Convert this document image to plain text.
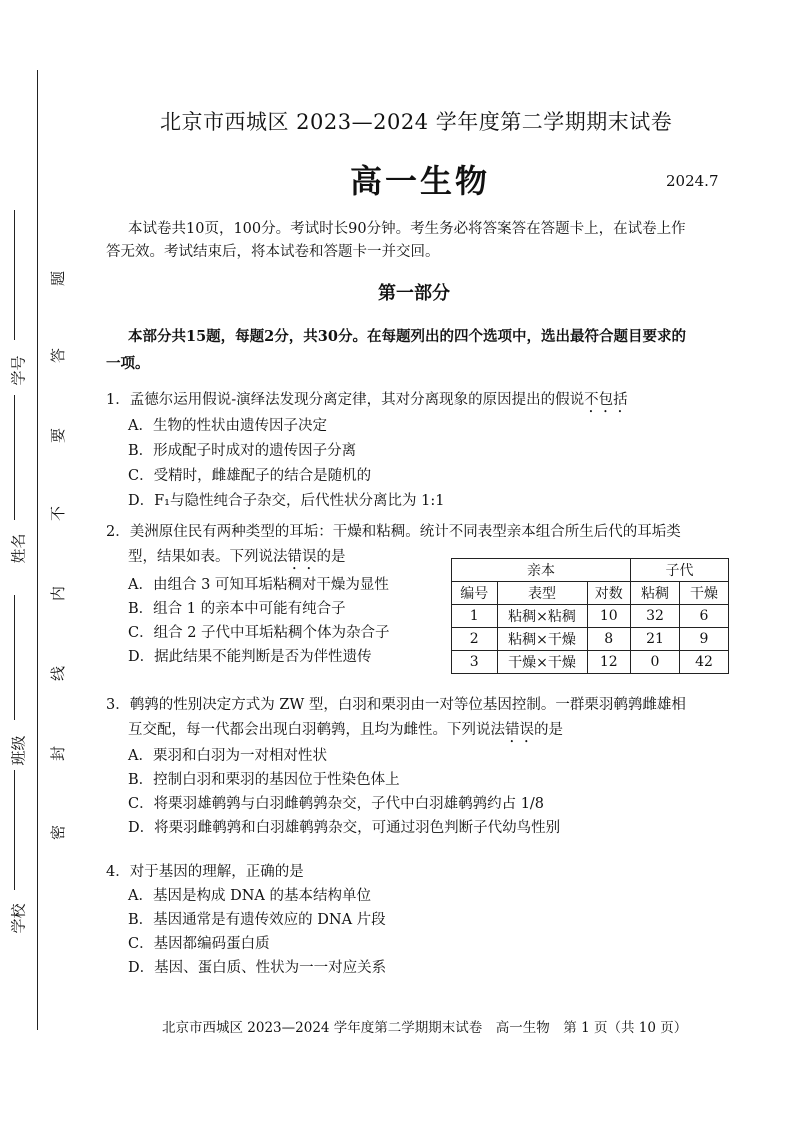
题
答
要
不
内
线
封
密
学号
姓名
班级
学校
北京市西城区 2023—2024 学年度第二学期期末试卷
高一生物	2024.7
本试卷共10页，100分。考试时长90分钟。考生务必将答案答在答题卡上，在试卷上作
答无效。考试结束后，将本试卷和答题卡一并交回。
第一部分
本部分共15题，每题2分，共30分。在每题列出的四个选项中，选出最符合题目要求的
一项。
1．孟德尔运用假说-演绎法发现分离定律，其对分离现象的原因提出的假说不包括
A．生物的性状由遗传因子决定
B．形成配子时成对的遗传因子分离
C．受精时，雌雄配子的结合是随机的
D．F₁与隐性纯合子杂交，后代性状分离比为 1:1
2．美洲原住民有两种类型的耳垢：干燥和粘稠。统计不同表型亲本组合所生后代的耳垢类
型，结果如表。下列说法错误的是
A．由组合 3 可知耳垢粘稠对干燥为显性
B．组合 1 的亲本中可能有纯合子
C．组合 2 子代中耳垢粘稠个体为杂合子
D．据此结果不能判断是否为伴性遗传
亲本			子代	
编号	表型	对数	粘稠	干燥
1	粘稠×粘稠	10	32	6
2	粘稠×干燥	8	21	9
3	干燥×干燥	12	0	42
3．鹌鹑的性别决定方式为 ZW 型，白羽和栗羽由一对等位基因控制。一群栗羽鹌鹑雌雄相
互交配，每一代都会出现白羽鹌鹑，且均为雌性。下列说法错误的是
A．栗羽和白羽为一对相对性状
B．控制白羽和栗羽的基因位于性染色体上
C．将栗羽雄鹌鹑与白羽雌鹌鹑杂交，子代中白羽雄鹌鹑约占 1/8
D．将栗羽雌鹌鹑和白羽雄鹌鹑杂交，可通过羽色判断子代幼鸟性别
4．对于基因的理解，正确的是
A．基因是构成 DNA 的基本结构单位
B．基因通常是有遗传效应的 DNA 片段
C．基因都编码蛋白质
D．基因、蛋白质、性状为一一对应关系
北京市西城区 2023—2024 学年度第二学期期末试卷　高一生物　第 1 页（共 10 页）
